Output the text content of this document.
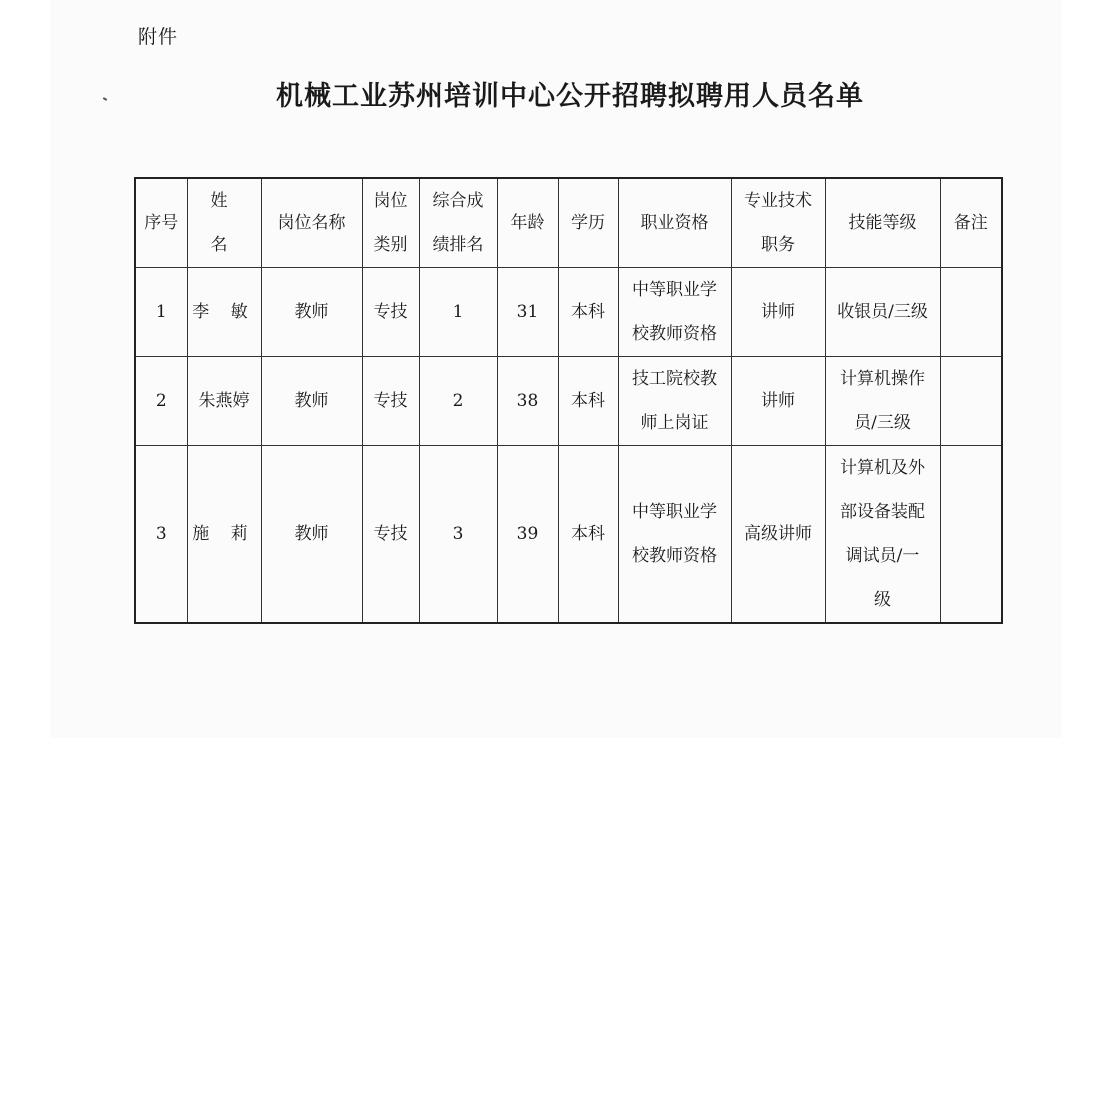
附件
机械工业苏州培训中心公开招聘拟聘用人员名单
序号	姓 名	岗位名称	岗位类别	综合成绩排名	年龄	学历	职业资格	专业技术职务	技能等级	备注

1	李 敏	教师	专技	1	31	本科	中等职业学校教师资格	讲师	收银员/三级	
2	朱燕婷	教师	专技	2	38	本科	技工院校教师上岗证	讲师	计算机操作员/三级	

3	施 莉	教师	专技	3	39	本科	中等职业学校教师资格	高级讲师	计算机及外部设备装配调试员/一级	
